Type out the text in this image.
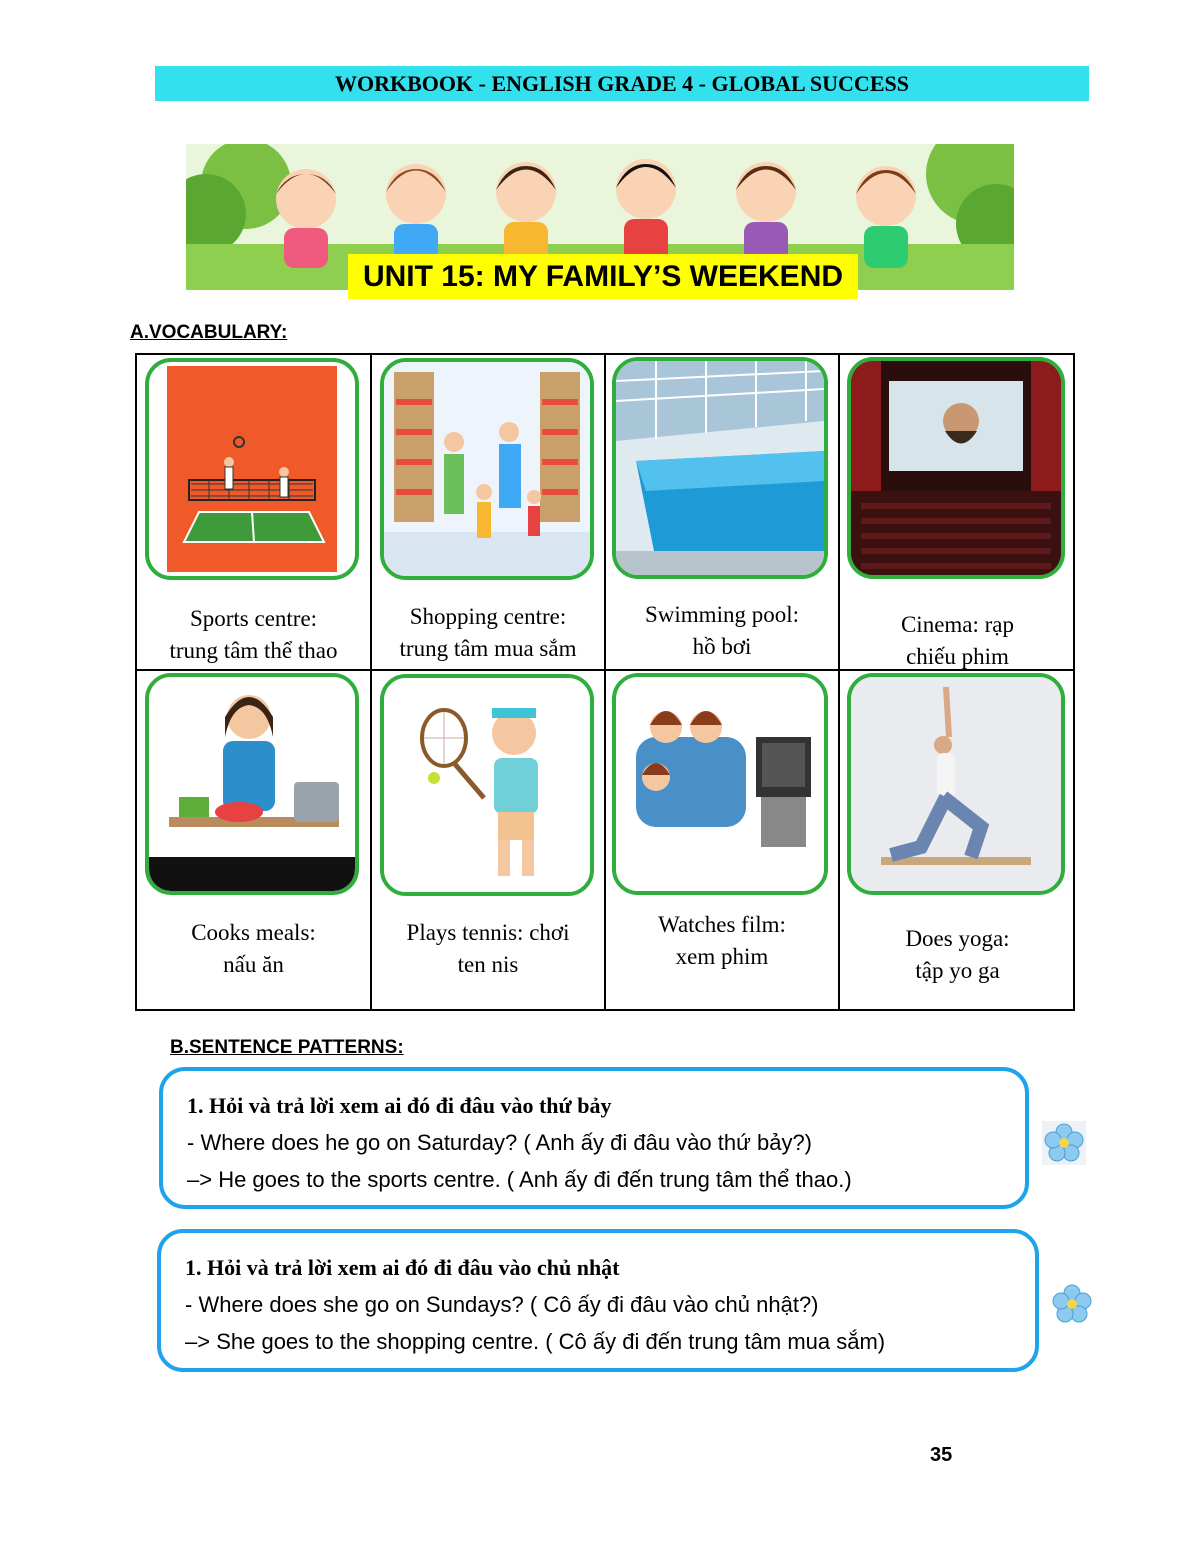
WORKBOOK - ENGLISH GRADE 4 - GLOBAL SUCCESS
UNIT 15: MY FAMILY’S WEEKEND
A.VOCABULARY:
Sports centre:
trung tâm thể thao
Shopping centre:
trung tâm mua sắm
Swimming pool:
hồ bơi
Cinema: rạp
chiếu phim
Cooks meals:
nấu ăn
Plays tennis: chơi
ten nis
Watches film:
xem phim
Does yoga:
tập yo ga
B.SENTENCE PATTERNS:
1. Hỏi và trả lời xem ai đó đi đâu vào thứ bảy
- Where does he go on Saturday? ( Anh ấy đi đâu vào thứ bảy?)
–> He goes to the sports centre. ( Anh ấy đi đến trung tâm thể thao.)
1. Hỏi và trả lời xem ai đó đi đâu vào chủ nhật
- Where does she go on Sundays? ( Cô ấy đi đâu vào chủ nhật?)
–> She goes to the shopping centre. ( Cô ấy đi đến trung tâm mua sắm)
35
